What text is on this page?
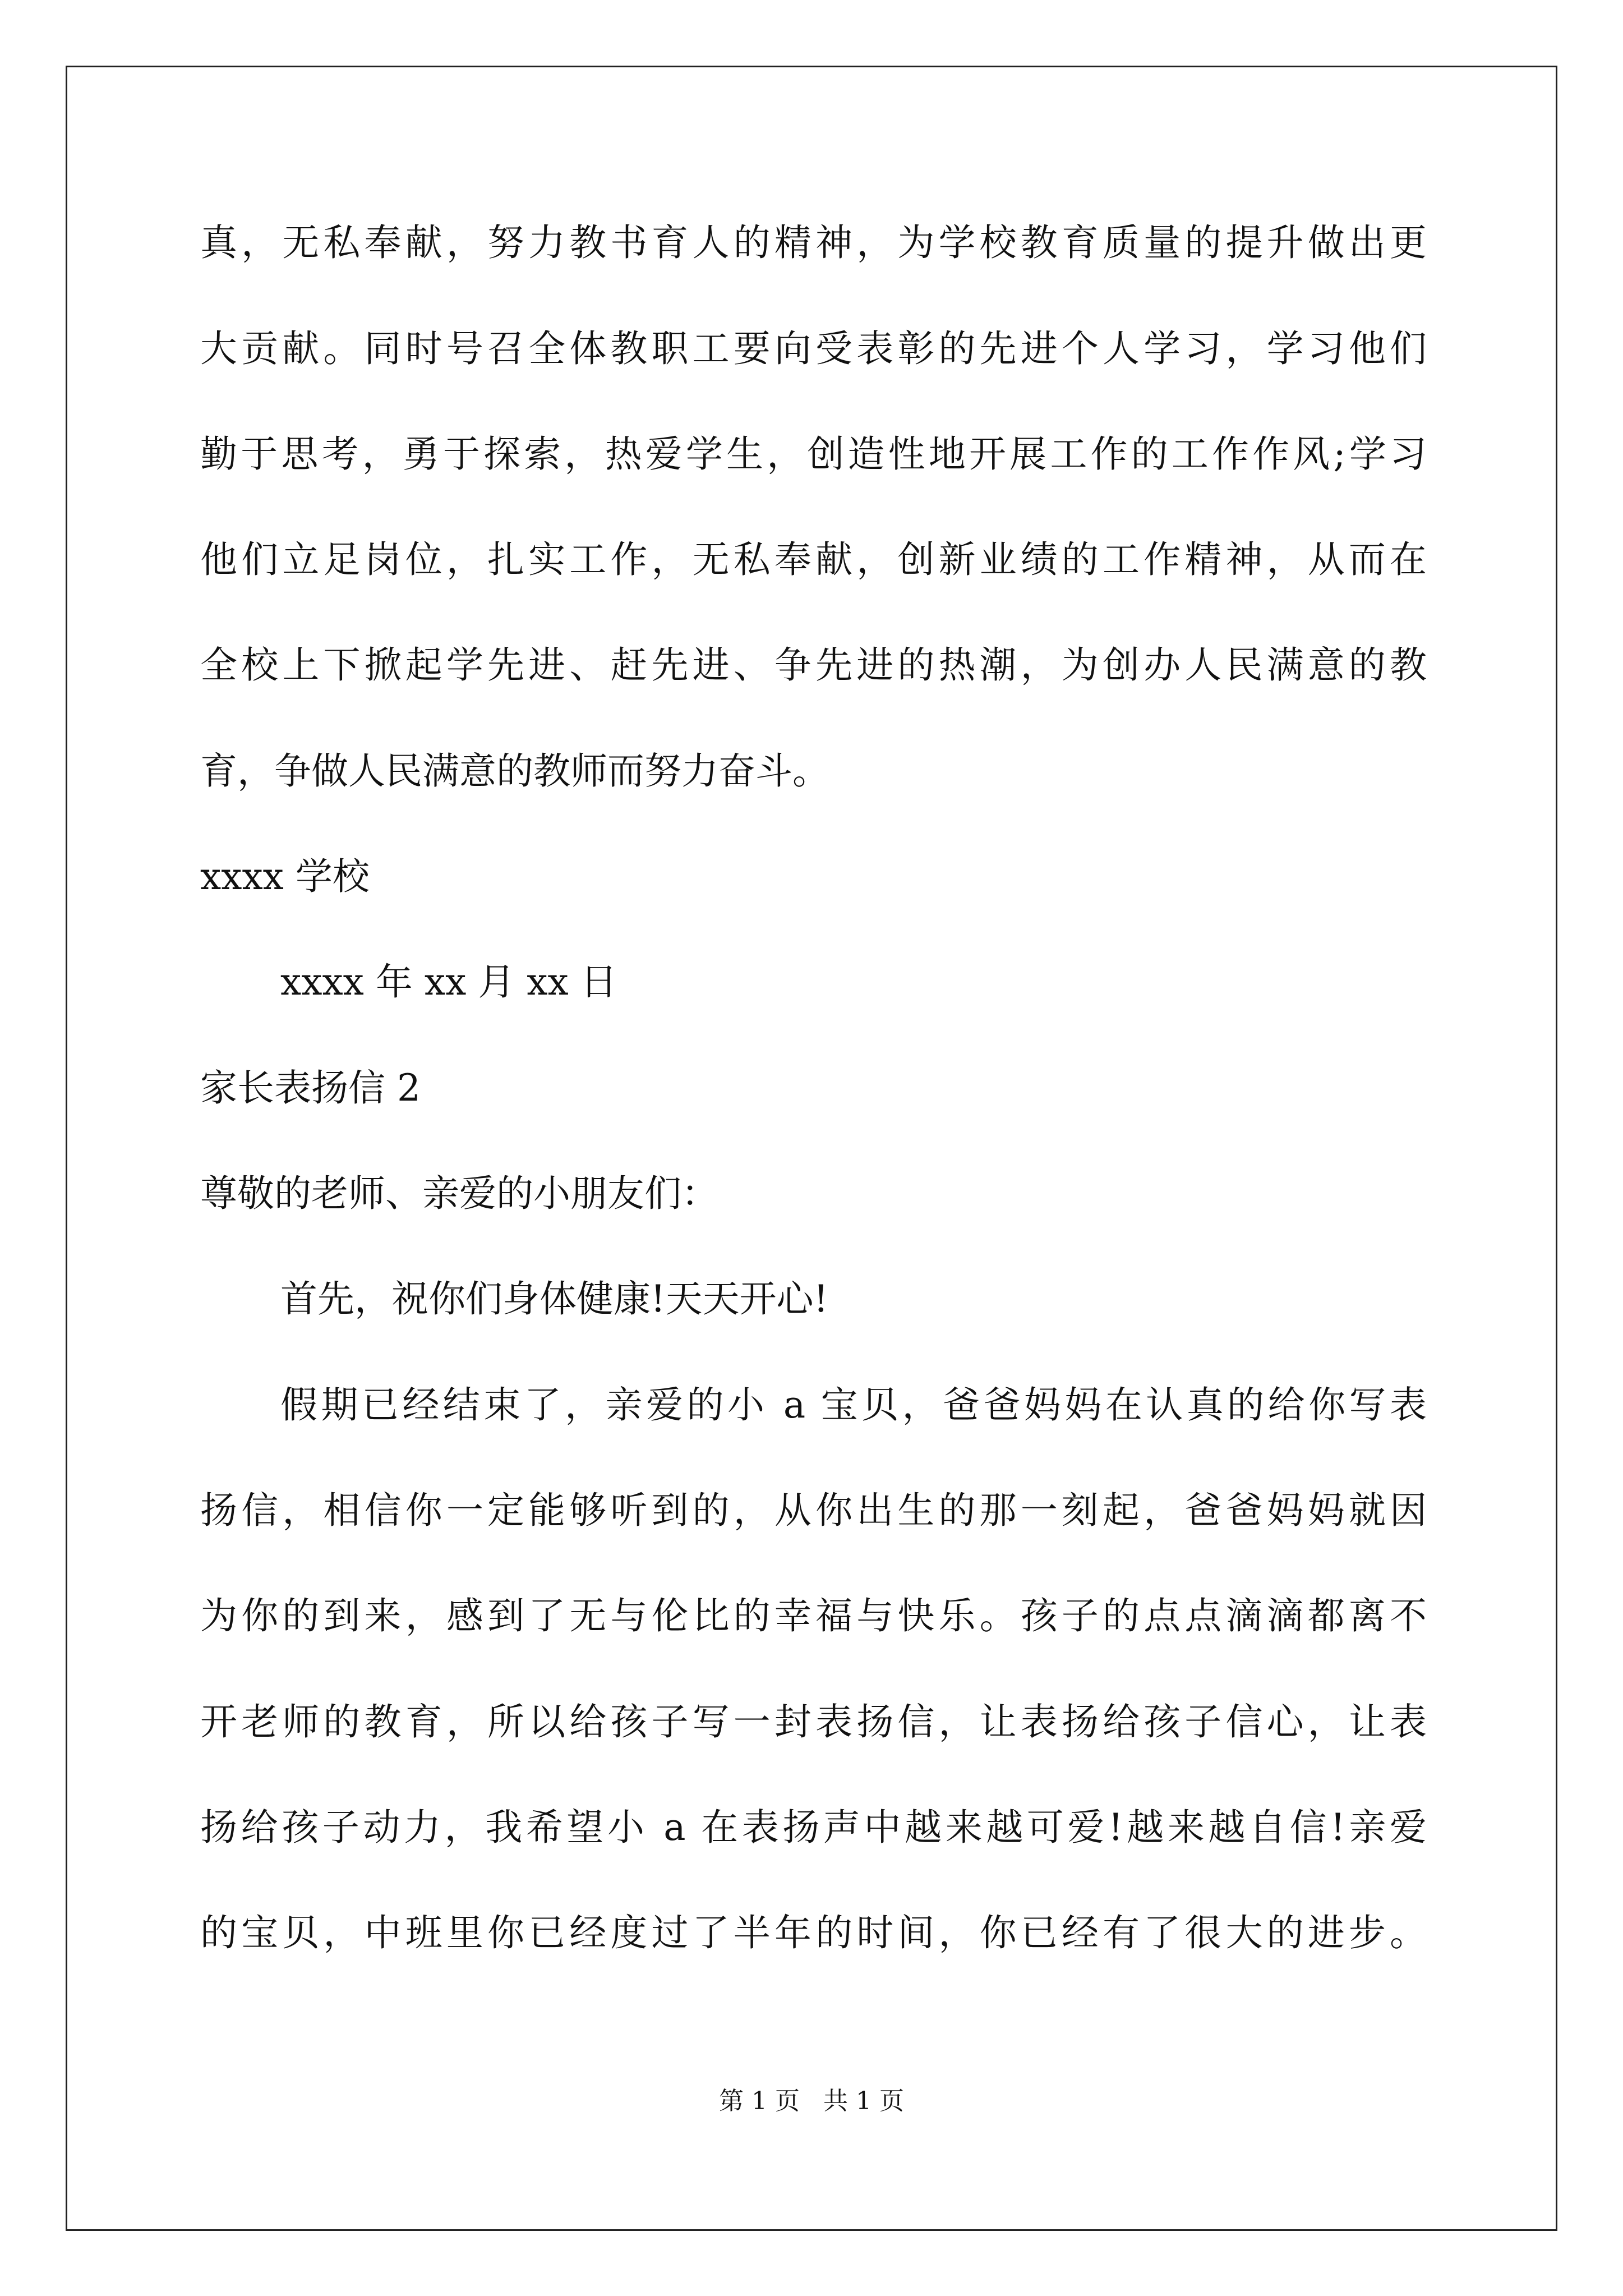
真，无私奉献，努力教书育人的精神，为学校教育质量的提升做出更
大贡献。同时号召全体教职工要向受表彰的先进个人学习，学习他们
勤于思考，勇于探索，热爱学生，创造性地开展工作的工作作风;学习
他们立足岗位，扎实工作，无私奉献，创新业绩的工作精神，从而在
全校上下掀起学先进、赶先进、争先进的热潮，为创办人民满意的教
育，争做人民满意的教师而努力奋斗。
xxxx 学校
xxxx 年 xx 月 xx 日
家长表扬信 2
尊敬的老师、亲爱的小朋友们：
首先，祝你们身体健康!天天开心!
假期已经结束了，亲爱的小 a 宝贝，爸爸妈妈在认真的给你写表
扬信，相信你一定能够听到的，从你出生的那一刻起，爸爸妈妈就因
为你的到来，感到了无与伦比的幸福与快乐。孩子的点点滴滴都离不
开老师的教育，所以给孩子写一封表扬信，让表扬给孩子信心，让表
扬给孩子动力，我希望小 a 在表扬声中越来越可爱!越来越自信!亲爱
的宝贝，中班里你已经度过了半年的时间，你已经有了很大的进步。
第 1 页   共 1 页
